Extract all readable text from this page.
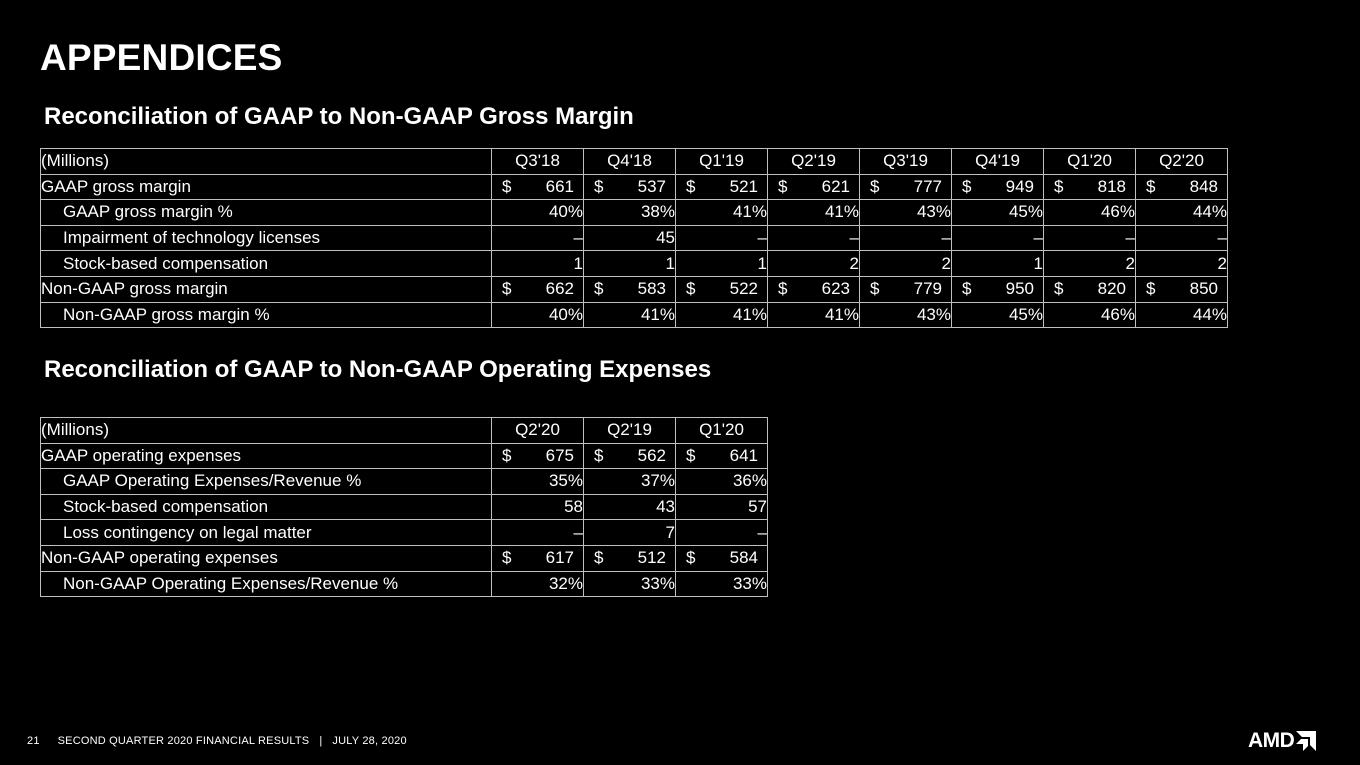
APPENDICES
Reconciliation of GAAP to Non-GAAP Gross Margin
(Millions)	Q3'18	Q4'18	Q1'19	Q2'19	Q3'19	Q4'19	Q1'20	Q2'20
GAAP gross margin	$ 661	$ 537	$ 521	$ 621	$ 777	$ 949	$ 818	$ 848

GAAP gross margin %	40%	38%	41%	41%	43%	45%	46%	44%
Impairment of technology licenses	–	45	–	–	–	–	–	–
Stock-based compensation	1	1	1	2	2	1	2	2
Non-GAAP gross margin	$ 662	$ 583	$ 522	$ 623	$ 779	$ 950	$ 820	$ 850

Non-GAAP gross margin %	40%	41%	41%	41%	43%	45%	46%	44%
Reconciliation of GAAP to Non-GAAP Operating Expenses
(Millions)	Q2'20	Q2'19	Q1'20
GAAP operating expenses	$ 675	$ 562	$ 641

GAAP Operating Expenses/Revenue %	35%	37%	36%
Stock-based compensation	58	43	57
Loss contingency on legal matter	–	7	–
Non-GAAP operating expenses	$ 617	$ 512	$ 584

Non-GAAP Operating Expenses/Revenue %	32%	33%	33%
21 SECOND QUARTER 2020 FINANCIAL RESULTS | JULY 28, 2020	AMD
